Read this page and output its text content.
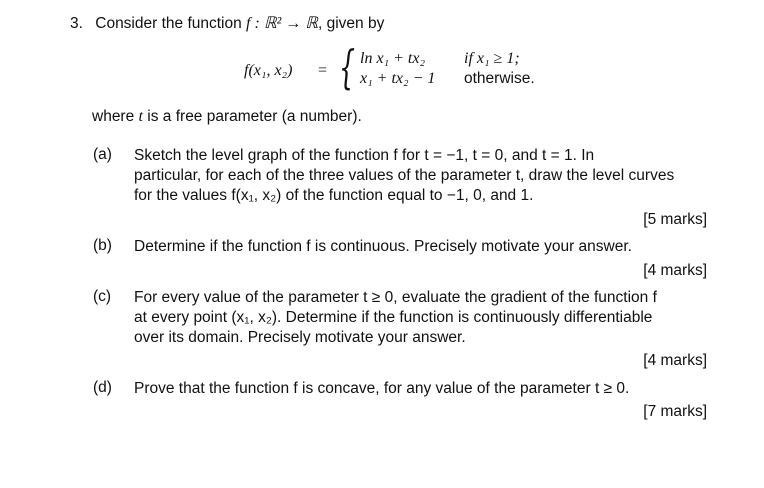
3. Consider the function f : ℝ² → ℝ, given by
f(x₁, x₂) = { ln x₁ + tx₂ if x₁ ≥ 1;
x₁ + tx₂ − 1 otherwise.
where t is a free parameter (a number).
(a) Sketch the level graph of the function f for t = −1, t = 0, and t = 1. In
particular, for each of the three values of the parameter t, draw the level curves
for the values f(x₁, x₂) of the function equal to −1, 0, and 1.
[5 marks]
(b) Determine if the function f is continuous. Precisely motivate your answer.
[4 marks]
(c) For every value of the parameter t ≥ 0, evaluate the gradient of the function f
at every point (x₁, x₂). Determine if the function is continuously differentiable
over its domain. Precisely motivate your answer.
[4 marks]
(d) Prove that the function f is concave, for any value of the parameter t ≥ 0.
[7 marks]
